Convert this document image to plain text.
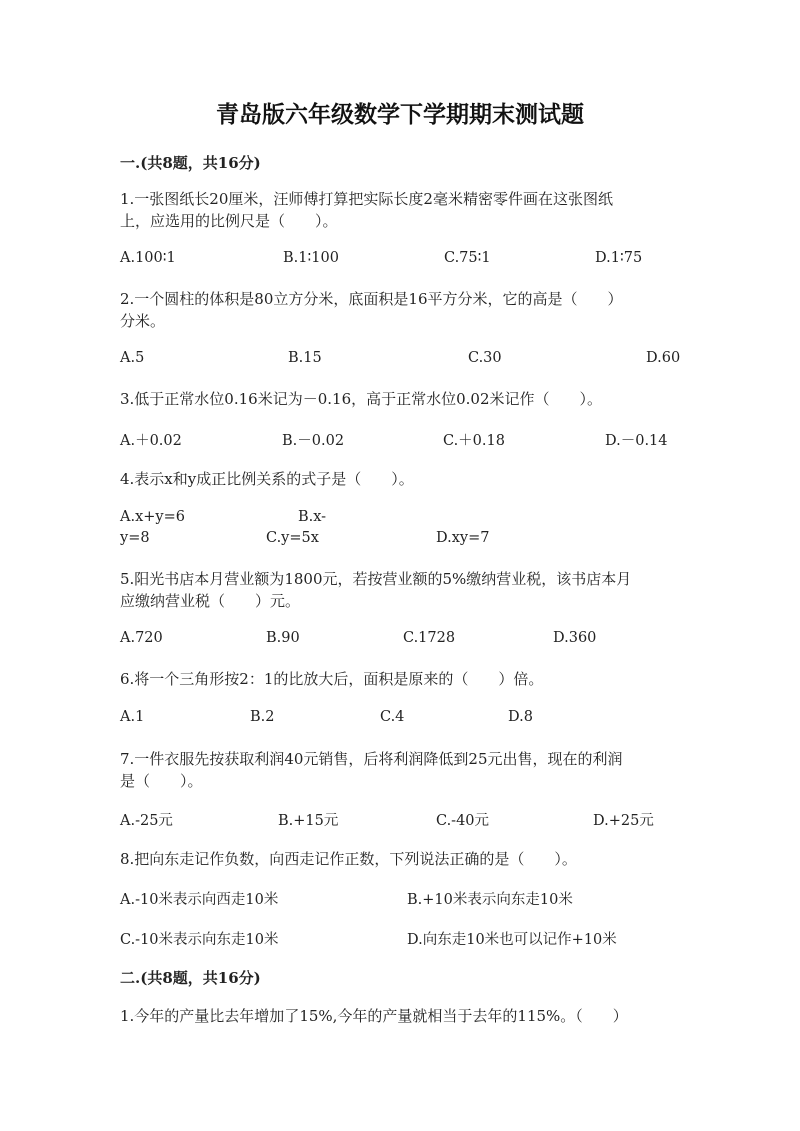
青岛版六年级数学下学期期末测试题
一.(共8题，共16分)
1.一张图纸长20厘米，汪师傅打算把实际长度2毫米精密零件画在这张图纸
上，应选用的比例尺是（　　）。
A.100∶1	B.1∶100	C.75∶1	D.1∶75
2.一个圆柱的体积是80立方分米，底面积是16平方分米，它的高是（　　）
分米。
A.5	B.15	C.30	D.60
3.低于正常水位0.16米记为－0.16，高于正常水位0.02米记作（　　）。
A.＋0.02	B.－0.02	C.＋0.18	D.－0.14
4.表示x和y成正比例关系的式子是（　　）。
A.x+y=6	B.x-
y=8	C.y=5x	D.xy=7
5.阳光书店本月营业额为1800元，若按营业额的5%缴纳营业税，该书店本月
应缴纳营业税（　　）元。
A.720	B.90	C.1728	D.360
6.将一个三角形按2：1的比放大后，面积是原来的（　　）倍。
A.1	B.2	C.4	D.8
7.一件衣服先按获取利润40元销售，后将利润降低到25元出售，现在的利润
是（　　）。
A.-25元	B.+15元	C.-40元	D.+25元
8.把向东走记作负数，向西走记作正数，下列说法正确的是（　　）。
A.-10米表示向西走10米	B.+10米表示向东走10米
C.-10米表示向东走10米	D.向东走10米也可以记作+10米
二.(共8题，共16分)
1.今年的产量比去年增加了15%,今年的产量就相当于去年的115%。（　　）
